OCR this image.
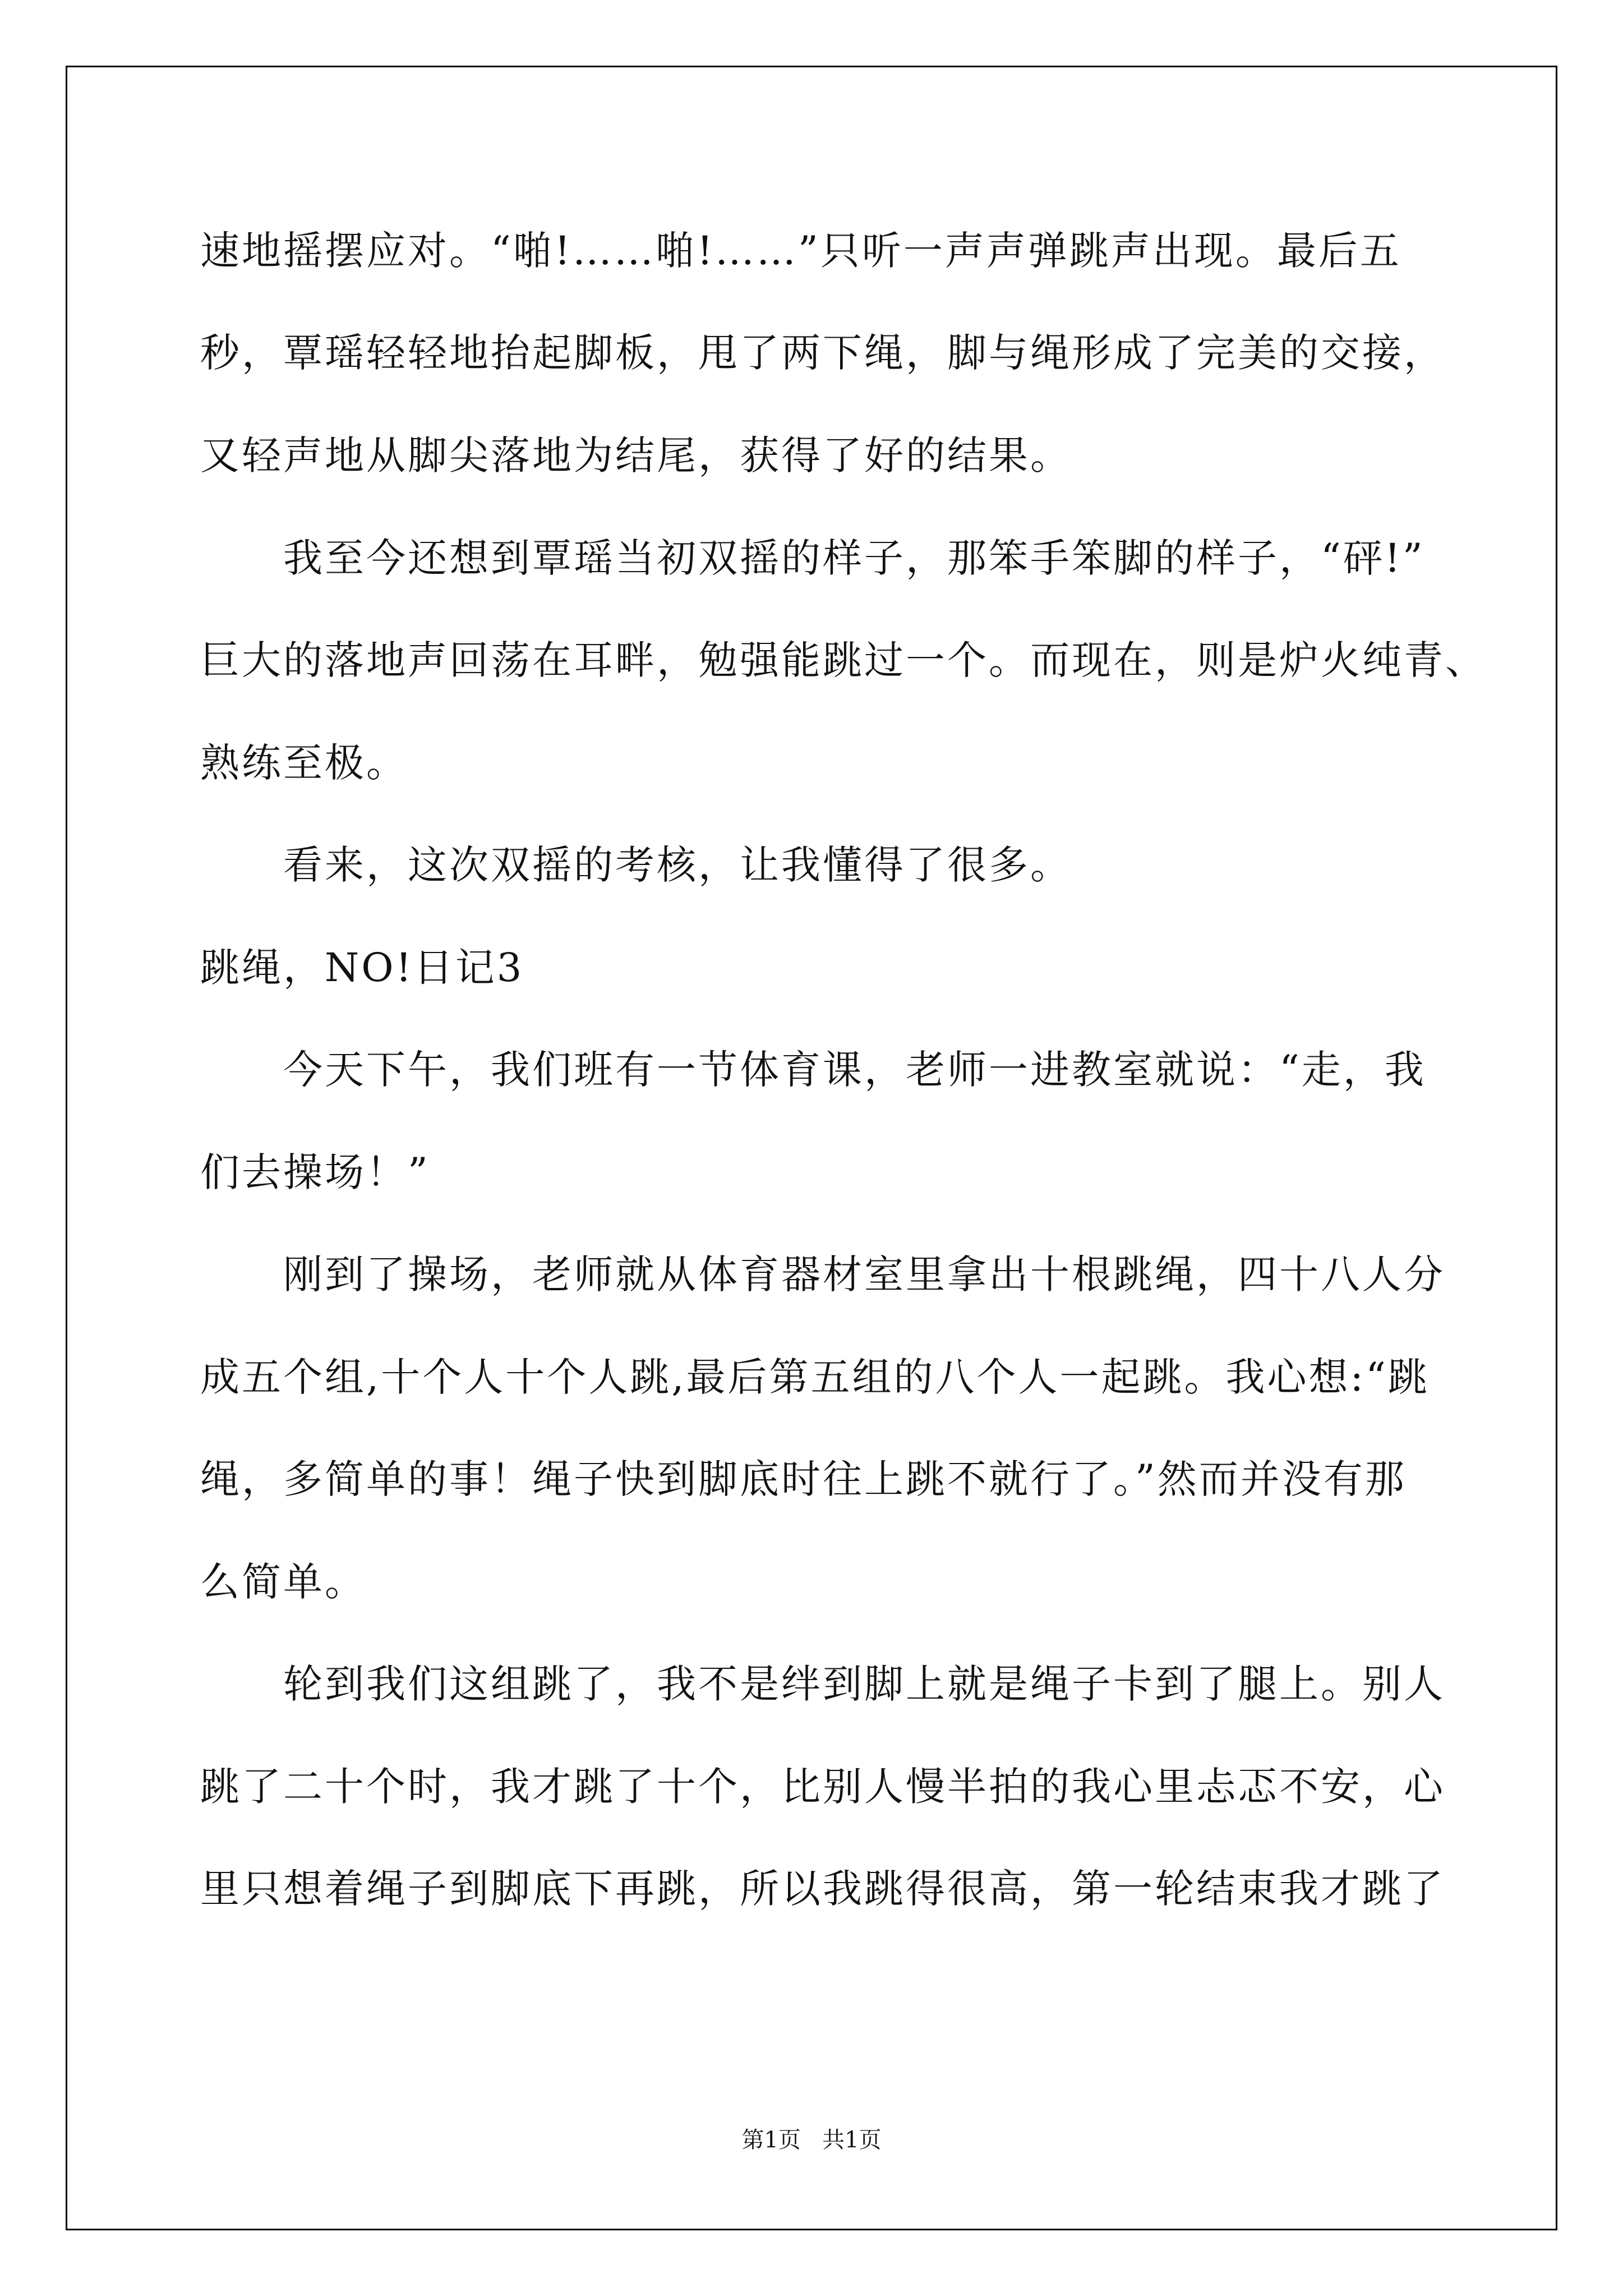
速地摇摆应对。“啪!……啪!……”只听一声声弹跳声出现。最后五
秒，覃瑶轻轻地抬起脚板，甩了两下绳，脚与绳形成了完美的交接，
又轻声地从脚尖落地为结尾，获得了好的结果。
我至今还想到覃瑶当初双摇的样子，那笨手笨脚的样子，“砰!”
巨大的落地声回荡在耳畔，勉强能跳过一个。而现在，则是炉火纯青、
熟练至极。
看来，这次双摇的考核，让我懂得了很多。
跳绳，NO!日记3
今天下午，我们班有一节体育课，老师一进教室就说：“走，我
们去操场！”
刚到了操场，老师就从体育器材室里拿出十根跳绳，四十八人分
成五个组,十个人十个人跳,最后第五组的八个人一起跳。我心想:“跳
绳，多简单的事！绳子快到脚底时往上跳不就行了。”然而并没有那
么简单。
轮到我们这组跳了，我不是绊到脚上就是绳子卡到了腿上。别人
跳了二十个时，我才跳了十个，比别人慢半拍的我心里忐忑不安，心
里只想着绳子到脚底下再跳，所以我跳得很高，第一轮结束我才跳了
第1页   共1页
